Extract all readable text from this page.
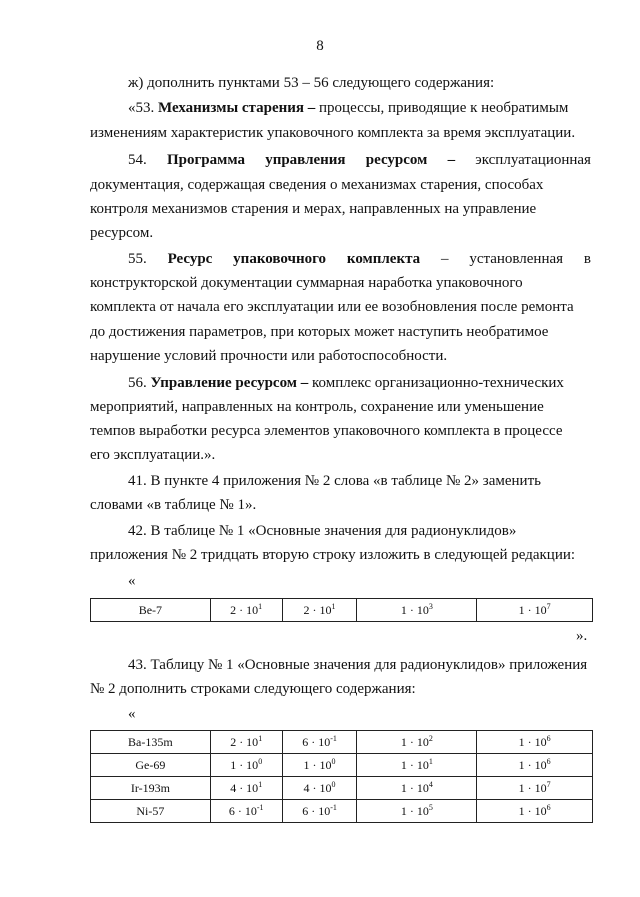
8
ж) дополнить пунктами 53 – 56 следующего содержания:
«53. Механизмы старения – процессы, приводящие к необратимым
изменениям характеристик упаковочного комплекта за время эксплуатации.
54. Программа управления ресурсом – эксплуатационная
документация, содержащая сведения о механизмах старения, способах
контроля механизмов старения и мерах, направленных на управление
ресурсом.
55. Ресурс упаковочного комплекта – установленная в
конструкторской документации суммарная наработка упаковочного
комплекта от начала его эксплуатации или ее возобновления после ремонта
до достижения параметров, при которых может наступить необратимое
нарушение условий прочности или работоспособности.
56. Управление ресурсом – комплекс организационно-технических
мероприятий, направленных на контроль, сохранение или уменьшение
темпов выработки ресурса элементов упаковочного комплекта в процессе
его эксплуатации.».
41. В пункте 4 приложения № 2 слова «в таблице № 2» заменить
словами «в таблице № 1».
42. В таблице № 1 «Основные значения для радионуклидов»
приложения № 2 тридцать вторую строку изложить в следующей редакции:
«
Be-7	$2 \cdot 10^1$	$2 \cdot 10^1$	$1 \cdot 10^3$	$1 \cdot 10^7$
».
43. Таблицу № 1 «Основные значения для радионуклидов» приложения
№ 2 дополнить строками следующего содержания:
«
Ba-135m	$2 \cdot 10^1$	$6 \cdot 10^{-1}$	$1 \cdot 10^2$	$1 \cdot 10^6$
Ge-69	$1 \cdot 10^0$	$1 \cdot 10^0$	$1 \cdot 10^1$	$1 \cdot 10^6$
Ir-193m	$4 \cdot 10^1$	$4 \cdot 10^0$	$1 \cdot 10^4$	$1 \cdot 10^7$
Ni-57	$6 \cdot 10^{-1}$	$6 \cdot 10^{-1}$	$1 \cdot 10^5$	$1 \cdot 10^6$
